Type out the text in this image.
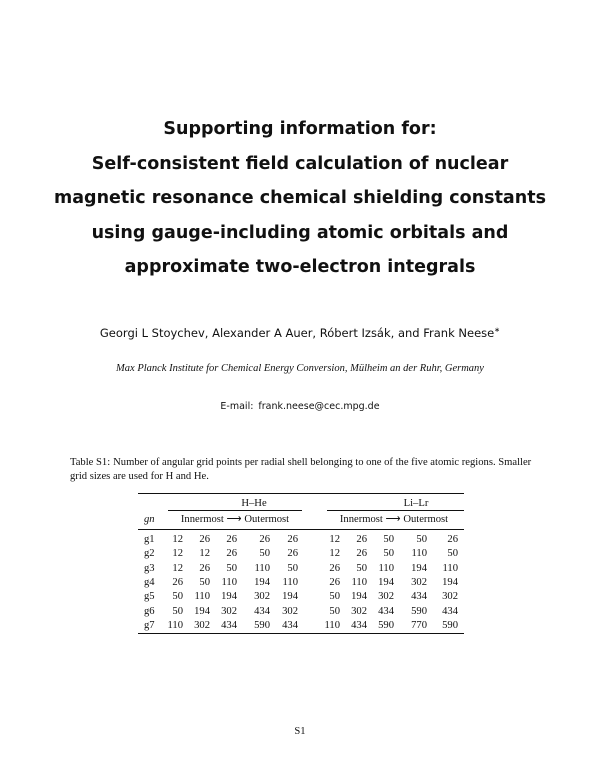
Supporting information for:
Self-consistent field calculation of nuclear
magnetic resonance chemical shielding constants
using gauge-including atomic orbitals and
approximate two-electron integrals
Georgi L Stoychev, Alexander A Auer, Róbert Izsák, and Frank Neese∗
Max Planck Institute for Chemical Energy Conversion, Mülheim an der Ruhr, Germany
E-mail: frank.neese@cec.mpg.de
Table S1: Number of angular grid points per radial shell belonging to one of the five atomic regions. Smaller grid sizes are used for H and He.
H–He	Li–Lr
gn	Innermost ⟶ Outermost	Innermost ⟶ Outermost
g1	12	26	26	26	26	12	26	50	50	26
g2	12	12	26	50	26	12	26	50	110	50
g3	12	26	50	110	50	26	50	110	194	110
g4	26	50	110	194	110	26	110	194	302	194
g5	50	110	194	302	194	50	194	302	434	302
g6	50	194	302	434	302	50	302	434	590	434
g7	110	302	434	590	434	110	434	590	770	590
S1
